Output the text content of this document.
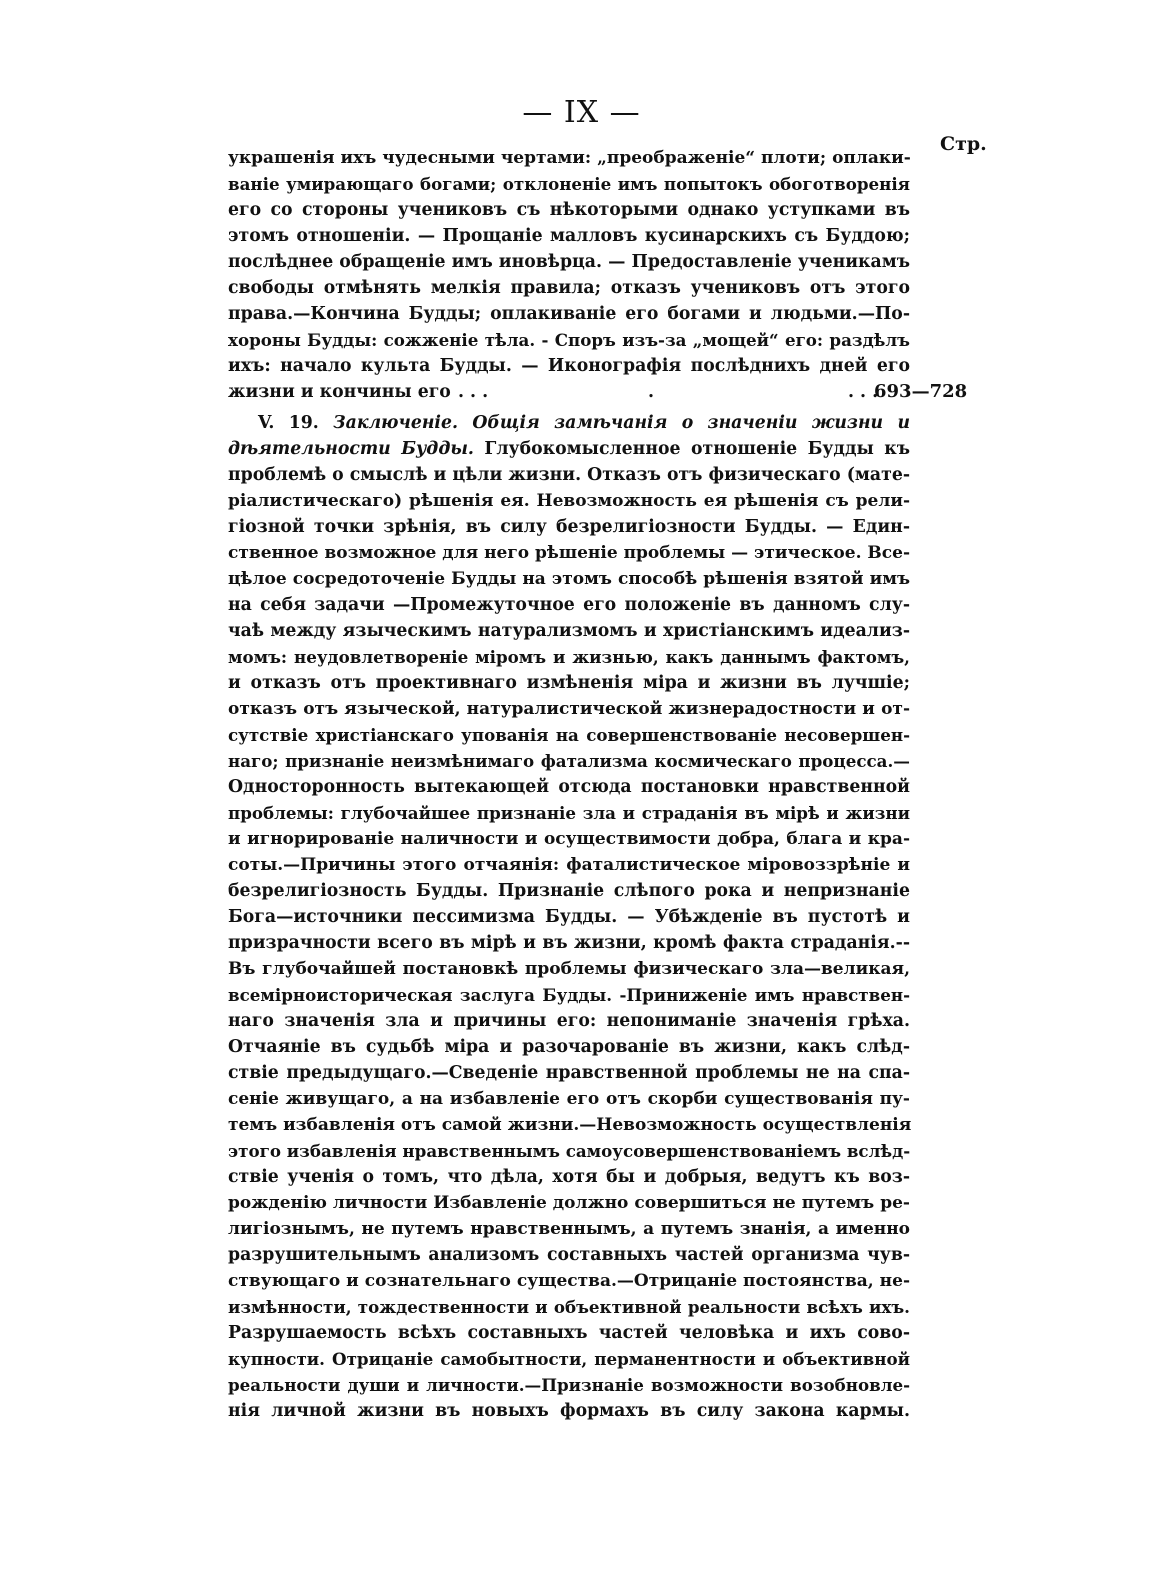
— IX —
Стр.
украшенія ихъ чудесными чертами: „преображеніе“ плоти; оплаки-
ваніе умирающаго богами; отклоненіе имъ попытокъ обоготворенія
его со стороны учениковъ съ нѣкоторыми однако уступками въ
этомъ отношеніи. — Прощаніе малловъ кусинарскихъ съ Буддою;
послѣднее обращеніе имъ иновѣрца. — Предоставленіе ученикамъ
свободы отмѣнять мелкія правила; отказъ учениковъ отъ этого
права.—Кончина Будды; оплакиваніе его богами и людьми.—По-
хороны Будды: сожженіе тѣла. - Споръ изъ-за „мощей“ его: раздѣлъ
ихъ: начало культа Будды. — Иконографія послѣднихъ дней его
жизни и кончины его . . .	.	. . .
693—728
V. 19. Заключеніе. Общія замѣчанія о значеніи жизни и
дѣятельности Будды. Глубокомысленное отношеніе Будды къ
проблемѣ о смыслѣ и цѣли жизни. Отказъ отъ физическаго (мате-
ріалистическаго) рѣшенія ея. Невозможность ея рѣшенія съ рели-
гіозной точки зрѣнія, въ силу безрелигіозности Будды. — Един-
ственное возможное для него рѣшеніе проблемы — этическое. Все-
цѣлое сосредоточеніе Будды на этомъ способѣ рѣшенія взятой имъ
на себя задачи —Промежуточное его положеніе въ данномъ слу-
чаѣ между языческимъ натурализмомъ и христіанскимъ идеализ-
момъ: неудовлетвореніе міромъ и жизнью, какъ даннымъ фактомъ,
и отказъ отъ проективнаго измѣненія міра и жизни въ лучшіе;
отказъ отъ языческой, натуралистической жизнерадостности и от-
сутствіе христіанскаго упованія на совершенствованіе несовершен-
наго; признаніе неизмѣнимаго фатализма космическаго процесса.—
Односторонность вытекающей отсюда постановки нравственной
проблемы: глубочайшее признаніе зла и страданія въ мірѣ и жизни
и игнорированіе наличности и осуществимости добра, блага и кра-
соты.—Причины этого отчаянія: фаталистическое міровоззрѣніе и
безрелигіозность Будды. Признаніе слѣпого рока и непризнаніе
Бога—источники пессимизма Будды. — Убѣжденіе въ пустотѣ и
призрачности всего въ мірѣ и въ жизни, кромѣ факта страданія.--
Въ глубочайшей постановкѣ проблемы физическаго зла—великая,
всемірноисторическая заслуга Будды. -Приниженіе имъ нравствен-
наго значенія зла и причины его: непониманіе значенія грѣха.
Отчаяніе въ судьбѣ міра и разочарованіе въ жизни, какъ слѣд-
ствіе предыдущаго.—Сведеніе нравственной проблемы не на спа-
сеніе живущаго, а на избавленіе его отъ скорби существованія пу-
темъ избавленія отъ самой жизни.—Невозможность осуществленія
этого избавленія нравственнымъ самоусовершенствованіемъ вслѣд-
ствіе ученія о томъ, что дѣла, хотя бы и добрыя, ведутъ къ воз-
рожденію личности Избавленіе должно совершиться не путемъ ре-
лигіознымъ, не путемъ нравственнымъ, а путемъ знанія, а именно
разрушительнымъ анализомъ составныхъ частей организма чув-
ствующаго и сознательнаго существа.—Отрицаніе постоянства, не-
измѣнности, тождественности и объективной реальности всѣхъ ихъ.
Разрушаемость всѣхъ составныхъ частей человѣка и ихъ сово-
купности. Отрицаніе самобытности, перманентности и объективной
реальности души и личности.—Признаніе возможности возобновле-
нія личной жизни въ новыхъ формахъ въ силу закона кармы.
